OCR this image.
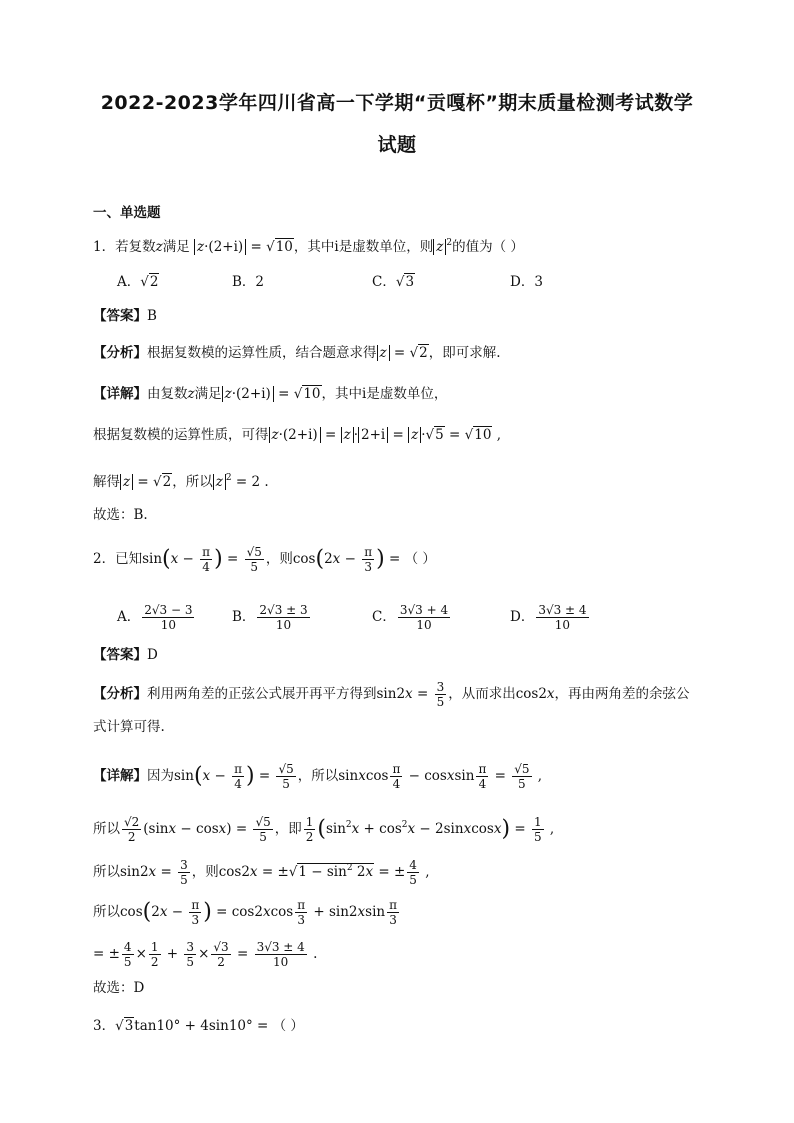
2022-2023学年四川省高一下学期“贡嘎杯”期末质量检测考试数学
试题
一、单选题
1．若复数z满足 z·(2+i) = √10，其中i是虚数单位，则 z $^2$的值为（ ）
A．√2	B．2	C．√3	D．3
【答案】B
【分析】根据复数模的运算性质，结合题意求得 z = √2，即可求解.
【详解】由复数z满足 z·(2+i) = √10，其中i是虚数单位，
根据复数模的运算性质，可得 z·(2+i) = z · 2+i = z ·√5 = √10 ,
解得 z = √2，所以 z $^2$ = 2 .
故选：B.
2．已知$\sin(x - \frac{\pi}{4}$ ) = $\frac{√5}{5}$ ，则$\cos(2x - \frac{\pi}{3}$ ) = （ ）
A． $\frac{2√3 - 3}{10}$	B． $\frac{2√3 \pm 3}{10}$	C． $\frac{3√3 + 4}{10}$	D． $\frac{3√3 \pm 4}{10}$
【答案】D
【分析】利用两角差的正弦公式展开再平方得到$\sin 2x = \frac{3}{5}$ ，从而求出cos2x，再由两角差的余弦公
式计算可得.
【详解】因为$\sin(x - \frac{\pi}{4}$ ) = $\frac{√5}{5}$ ，所以sinxcos $\frac{\pi}{4}$ − cosxsin $\frac{\pi}{4} = \frac{√5}{5}$ ,
所以 $\frac{√2}{2} (\sin x - \cos x) = \frac{√5}{5}$ ，即 $\frac{1}{2} (\sin^2x + \cos^2x$ − 2sinxcosx) = $\frac{1}{5}$ ,
所以$\sin 2x = \frac{3}{5}$ ，则$\cos 2x = \pm√1 - \sin^2 2x$ = ± $\frac{4}{5}$ ,
所以$\cos(2x - \frac{\pi}{3}$ ) = $\cos 2xcos \frac{\pi}{3} + \sin 2xsin \frac{\pi}{3}$
= ± $\frac{4}{5} \times \frac{1}{2} + \frac{3}{5} \times \frac{√3}{2} = \frac{3√3 \pm 4}{10}$ .
故选：D
3．√3tan10° + 4sin10° = （ ）
